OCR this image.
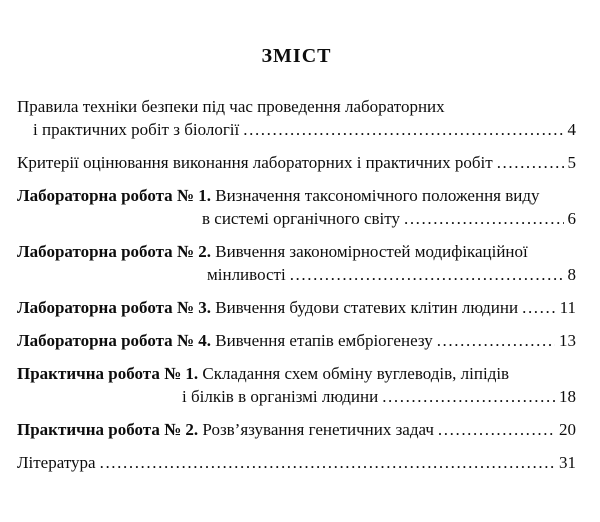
ЗМІСТ
Правила техніки безпеки під час проведення лабораторних
і практичних робіт з біології .....	4
Критерії оцінювання виконання лабораторних і практичних робіт .....	5
Лабораторна робота № 1. Визначення таксономічного положення виду
в системі органічного світу .....	6
Лабораторна робота № 2. Вивчення закономірностей модифікаційної
мінливості .....	8
Лабораторна робота № 3. Вивчення будови статевих клітин людини ..... 11
Лабораторна робота № 4. Вивчення етапів ембріогенезу .....	13
Практична робота № 1. Складання схем обміну вуглеводів, ліпідів
і білків в організмі людини .....	18
Практична робота № 2. Розв’язування генетичних задач .....	20
Література .....	31
